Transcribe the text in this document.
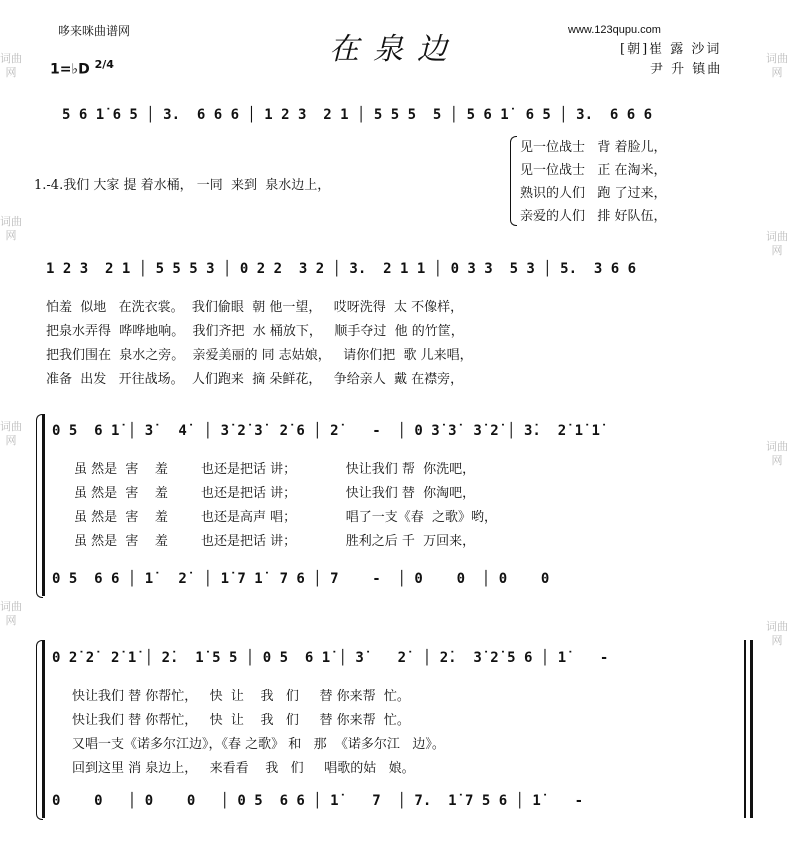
哆来咪曲谱网	www.123qupu.com
在泉边	[朝]崔 露 沙词
尹 升 镇曲
1=♭D $^{2/4}$
词曲网
词曲网
词曲网
词曲网
词曲网
词曲网
词曲网
词曲网
5 6 1̇ 6 5 │ 3.  6 6 6 │ 1 2 3  2 1 │ 5 5 5  5 │ 5 6 1̇  6 5 │ 3.  6 6 6
1.-4.我们 大家 提 着水桶， 一同  来到  泉水边上，
见一位战士   背 着脸儿，
见一位战士   正 在淘米，
熟识的人们   跑 了过来，
亲爱的人们   排 好队伍，
1 2 3  2 1 │ 5 5 5 3 │ 0 2 2  3 2 │ 3.  2 1 1 │ 0 3 3  5 3 │ 5.  3 6 6
怕羞  似地   在洗衣裳。  我们偷眼  朝 他一望，   哎呀洗得  太 不像样，
把泉水弄得  哗哗地响。  我们齐把  水 桶放下，   顺手夺过  他 的竹筐，
把我们围在  泉水之旁。  亲爱美丽的 同 志姑娘，   请你们把  歌 儿来唱，
准备  出发   开往战场。  人们跑来  摘 朵鲜花，   争给亲人  戴 在襟旁，
0 5  6 1̇ │ 3̇   4̇  │ 3̇ 2̇ 3̇  2̇ 6 │ 2̇    -  │ 0 3̇ 3̇  3̇ 2̇ │ 3̇.  2̇ 1̇ 1̇
虽 然是  害    羞        也还是把话 讲；            快让我们 帮  你洗吧，
虽 然是  害    羞        也还是把话 讲；            快让我们 替  你淘吧，
虽 然是  害    羞        也还是高声 唱；            唱了一支《春  之歌》哟，
虽 然是  害    羞        也还是把话 讲；            胜利之后 千  万回来，
0 5  6 6 │ 1̇   2̇  │ 1̇ 7 1̇  7 6 │ 7    -  │ 0    0  │ 0    0
0 2̇ 2̇  2̇ 1̇ │ 2̇.  1̇ 5 5 │ 0 5  6 1̇ │ 3̇    2̇  │ 2̇.  3̇ 2̇ 5 6 │ 1̇    -
快让我们 替 你帮忙，   快  让    我   们     替 你来帮  忙。
快让我们 替 你帮忙，   快  让    我   们     替 你来帮  忙。
又唱一支《诺多尔江边》，《春 之歌》 和   那  《诺多尔江   边》。
回到这里 消 泉边上，   来看看    我   们     唱歌的姑   娘。
0    0   │ 0    0   │ 0 5  6 6 │ 1̇    7  │ 7.  1̇ 7 5 6 │ 1̇    -
